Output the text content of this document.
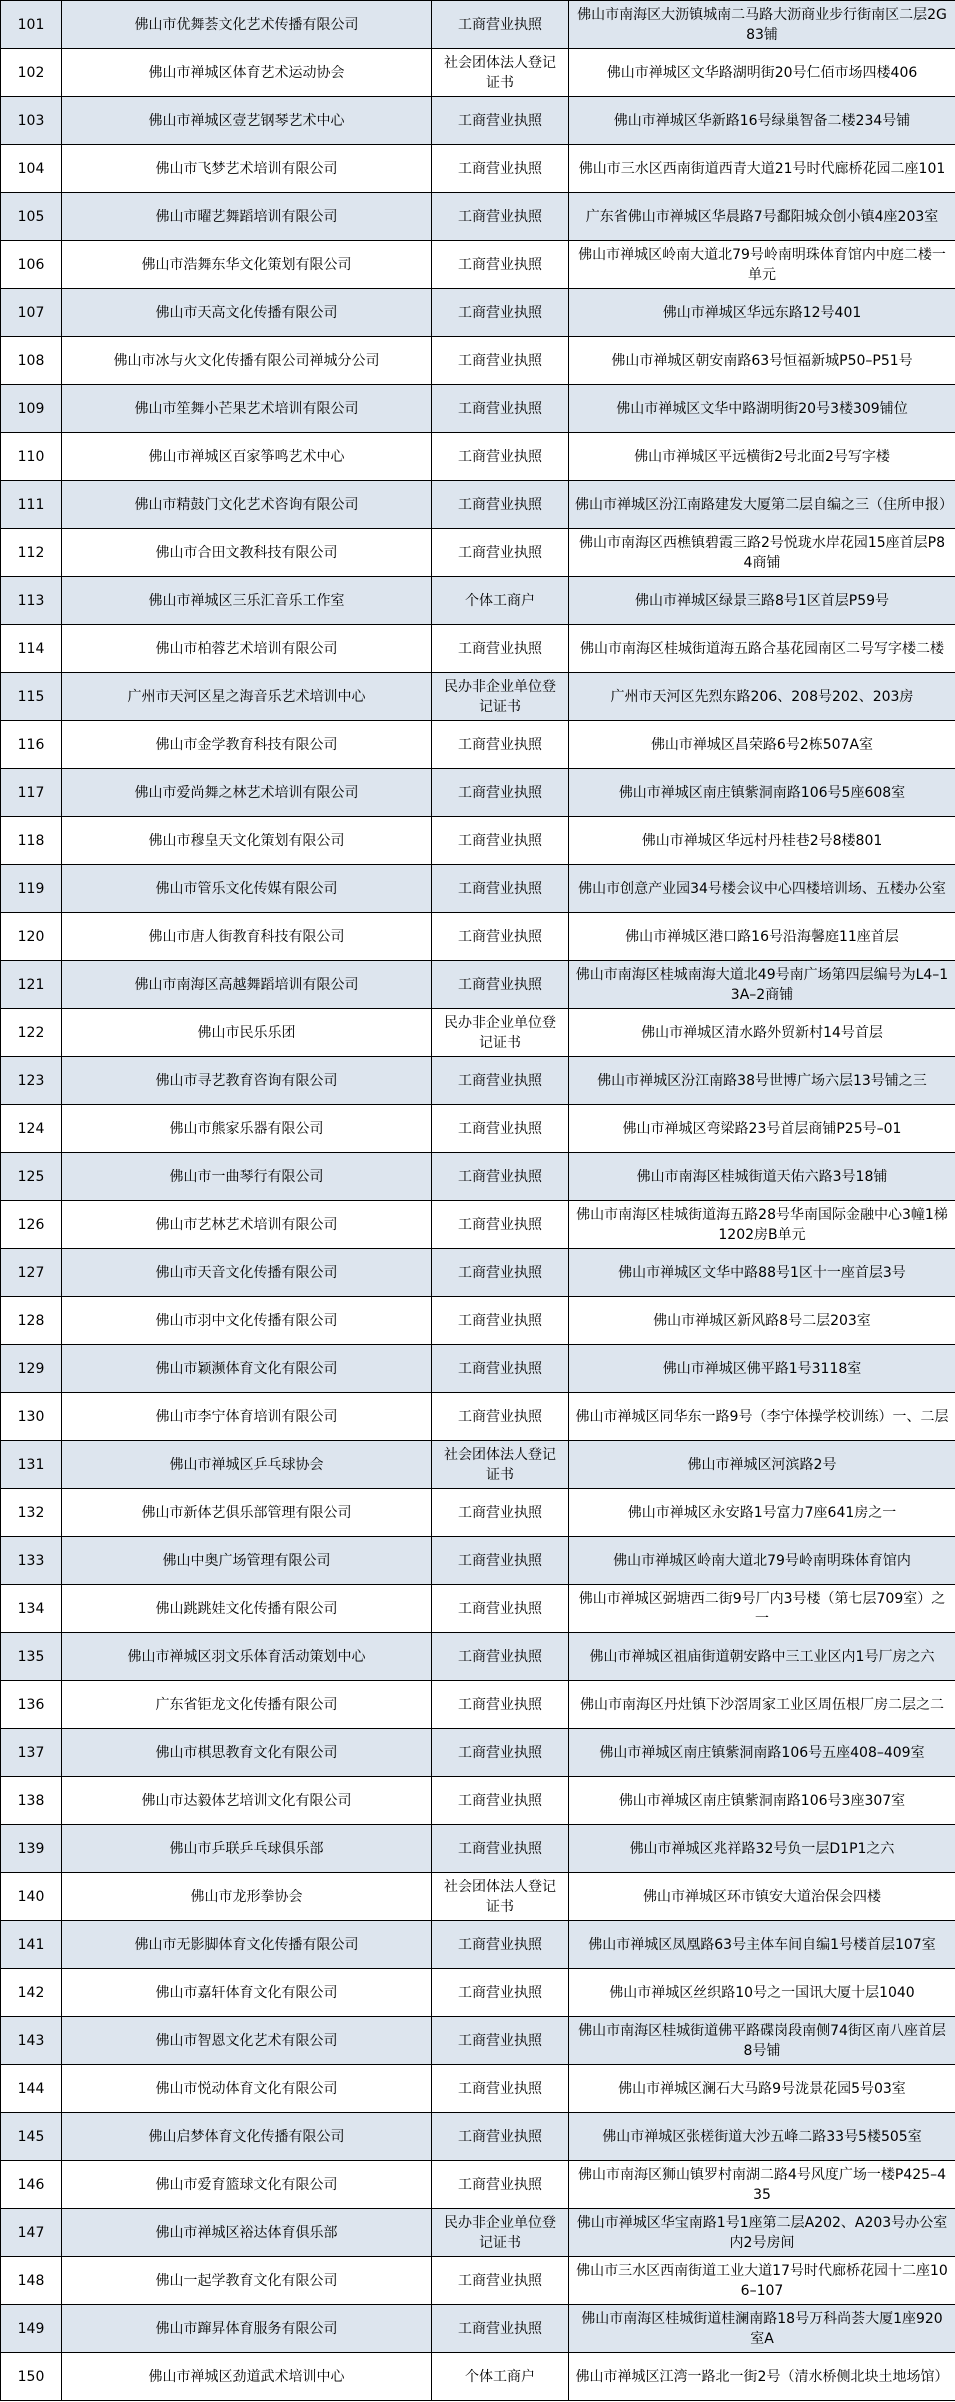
101	佛山市优舞荟文化艺术传播有限公司	工商营业执照	佛山市南海区大沥镇城南二马路大沥商业步行街南区二层2G83铺
102	佛山市禅城区体育艺术运动协会	社会团体法人登记证书	佛山市禅城区文华路湖明街20号仁佰市场四楼406
103	佛山市禅城区壹艺钢琴艺术中心	工商营业执照	佛山市禅城区华新路16号绿巢智备二楼234号铺
104	佛山市飞梦艺术培训有限公司	工商营业执照	佛山市三水区西南街道西青大道21号时代廊桥花园二座101
105	佛山市曜艺舞蹈培训有限公司	工商营业执照	广东省佛山市禅城区华晨路7号鄱阳城众创小镇4座203室
106	佛山市浩舞东华文化策划有限公司	工商营业执照	佛山市禅城区岭南大道北79号岭南明珠体育馆内中庭二楼一单元
107	佛山市天高文化传播有限公司	工商营业执照	佛山市禅城区华远东路12号401
108	佛山市冰与火文化传播有限公司禅城分公司	工商营业执照	佛山市禅城区朝安南路63号恒福新城P50–P51号
109	佛山市笙舞小芒果艺术培训有限公司	工商营业执照	佛山市禅城区文华中路湖明街20号3楼309铺位
110	佛山市禅城区百家筝鸣艺术中心	工商营业执照	佛山市禅城区平远横街2号北面2号写字楼
111	佛山市精鼓门文化艺术咨询有限公司	工商营业执照	佛山市禅城区汾江南路建发大厦第二层自编之三（住所申报）
112	佛山市合田文教科技有限公司	工商营业执照	佛山市南海区西樵镇碧霞三路2号悦珑水岸花园15座首层P84商铺
113	佛山市禅城区三乐汇音乐工作室	个体工商户	佛山市禅城区绿景三路8号1区首层P59号
114	佛山市柏蓉艺术培训有限公司	工商营业执照	佛山市南海区桂城街道海五路合基花园南区二号写字楼二楼
115	广州市天河区星之海音乐艺术培训中心	民办非企业单位登记证书	广州市天河区先烈东路206、208号202、203房
116	佛山市金学教育科技有限公司	工商营业执照	佛山市禅城区昌荣路6号2栋507A室
117	佛山市爱尚舞之林艺术培训有限公司	工商营业执照	佛山市禅城区南庄镇紫洞南路106号5座608室
118	佛山市穆皇天文化策划有限公司	工商营业执照	佛山市禅城区华远村丹桂巷2号8楼801
119	佛山市管乐文化传媒有限公司	工商营业执照	佛山市创意产业园34号楼会议中心四楼培训场、五楼办公室
120	佛山市唐人街教育科技有限公司	工商营业执照	佛山市禅城区港口路16号沿海馨庭11座首层
121	佛山市南海区高越舞蹈培训有限公司	工商营业执照	佛山市南海区桂城南海大道北49号南广场第四层编号为L4–13A–2商铺
122	佛山市民乐乐团	民办非企业单位登记证书	佛山市禅城区清水路外贸新村14号首层
123	佛山市寻艺教育咨询有限公司	工商营业执照	佛山市禅城区汾江南路38号世博广场六层13号铺之三
124	佛山市熊家乐器有限公司	工商营业执照	佛山市禅城区弯梁路23号首层商铺P25号–01
125	佛山市一曲琴行有限公司	工商营业执照	佛山市南海区桂城街道天佑六路3号18铺
126	佛山市艺林艺术培训有限公司	工商营业执照	佛山市南海区桂城街道海五路28号华南国际金融中心3幢1梯1202房B单元
127	佛山市天音文化传播有限公司	工商营业执照	佛山市禅城区文华中路88号1区十一座首层3号
128	佛山市羽中文化传播有限公司	工商营业执照	佛山市禅城区新风路8号二层203室
129	佛山市颖濒体育文化有限公司	工商营业执照	佛山市禅城区佛平路1号3118室
130	佛山市李宁体育培训有限公司	工商营业执照	佛山市禅城区同华东一路9号（李宁体操学校训练）一、二层
131	佛山市禅城区乒乓球协会	社会团体法人登记证书	佛山市禅城区河滨路2号
132	佛山市新体艺俱乐部管理有限公司	工商营业执照	佛山市禅城区永安路1号富力7座641房之一
133	佛山中奥广场管理有限公司	工商营业执照	佛山市禅城区岭南大道北79号岭南明珠体育馆内
134	佛山跳跳娃文化传播有限公司	工商营业执照	佛山市禅城区弼塘西二街9号厂内3号楼（第七层709室）之一
135	佛山市禅城区羽文乐体育活动策划中心	工商营业执照	佛山市禅城区祖庙街道朝安路中三工业区内1号厂房之六
136	广东省钜龙文化传播有限公司	工商营业执照	佛山市南海区丹灶镇下沙滘周家工业区周伍根厂房二层之二
137	佛山市棋思教育文化有限公司	工商营业执照	佛山市禅城区南庄镇紫洞南路106号五座408–409室
138	佛山市达毅体艺培训文化有限公司	工商营业执照	佛山市禅城区南庄镇紫洞南路106号3座307室
139	佛山市乒联乒乓球俱乐部	工商营业执照	佛山市禅城区兆祥路32号负一层D1P1之六
140	佛山市龙形拳协会	社会团体法人登记证书	佛山市禅城区环市镇安大道治保会四楼
141	佛山市无影脚体育文化传播有限公司	工商营业执照	佛山市禅城区凤凰路63号主体车间自编1号楼首层107室
142	佛山市嘉轩体育文化有限公司	工商营业执照	佛山市禅城区丝织路10号之一国讯大厦十层1040
143	佛山市智恩文化艺术有限公司	工商营业执照	佛山市南海区桂城街道佛平路碟岗段南侧74街区南八座首层8号铺
144	佛山市悦动体育文化有限公司	工商营业执照	佛山市禅城区澜石大马路9号泷景花园5号03室
145	佛山启梦体育文化传播有限公司	工商营业执照	佛山市禅城区张槎街道大沙五峰二路33号5楼505室
146	佛山市爱育篮球文化有限公司	工商营业执照	佛山市南海区狮山镇罗村南湖二路4号风度广场一楼P425–435
147	佛山市禅城区裕达体育俱乐部	民办非企业单位登记证书	佛山市禅城区华宝南路1号1座第二层A202、A203号办公室内2号房间
148	佛山一起学教育文化有限公司	工商营业执照	佛山市三水区西南街道工业大道17号时代廊桥花园十二座106–107
149	佛山市蹿昇体育服务有限公司	工商营业执照	佛山市南海区桂城街道桂澜南路18号万科尚荟大厦1座920室A
150	佛山市禅城区劲道武术培训中心	个体工商户	佛山市禅城区江湾一路北一街2号（清水桥侧北块土地场馆）
